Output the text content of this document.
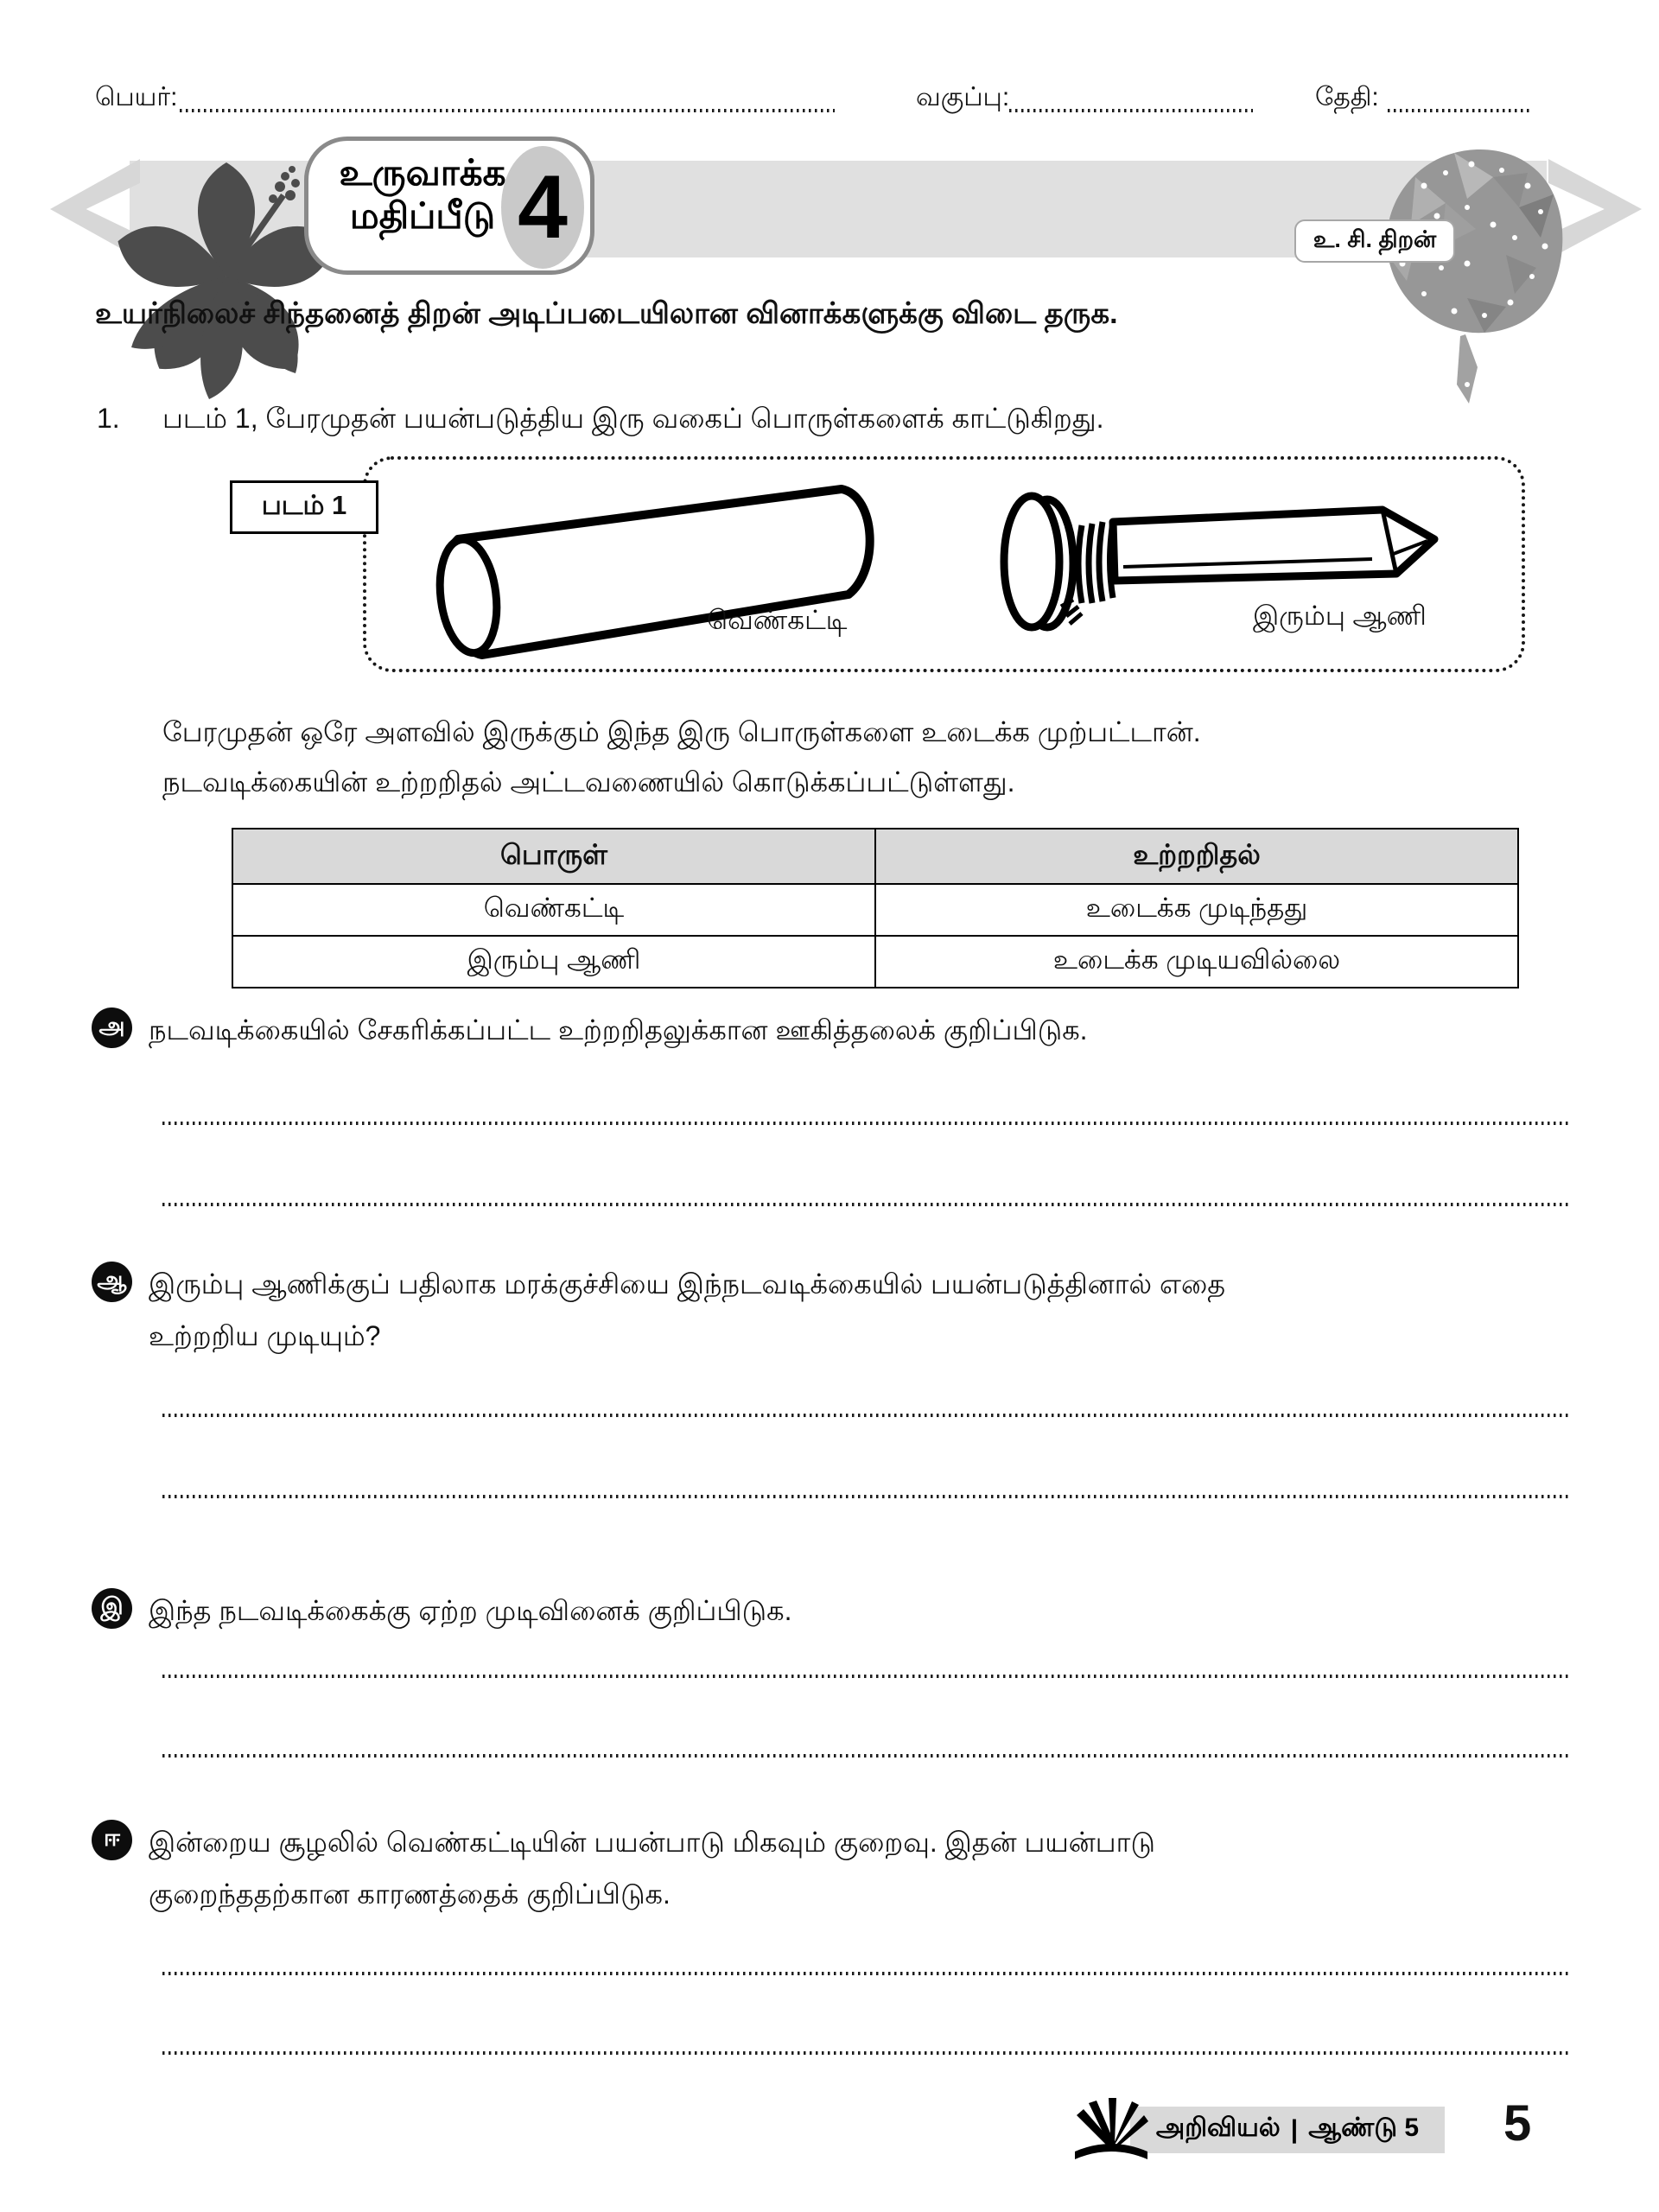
பெயர்:	வகுப்பு:	தேதி:
உருவாக்க
மதிப்பீடு 4	உ. சி. திறன்
உயர்நிலைச் சிந்தனைத் திறன் அடிப்படையிலான வினாக்களுக்கு விடை தருக.
1. படம் 1, பேரமுதன் பயன்படுத்திய இரு வகைப் பொருள்களைக் காட்டுகிறது.
படம் 1
வெண்கட்டி	இரும்பு ஆணி
பேரமுதன் ஒரே அளவில் இருக்கும் இந்த இரு பொருள்களை உடைக்க முற்பட்டான்.
நடவடிக்கையின் உற்றறிதல் அட்டவணையில் கொடுக்கப்பட்டுள்ளது.
பொருள்	உற்றறிதல்
வெண்கட்டி	உடைக்க முடிந்தது
இரும்பு ஆணி	உடைக்க முடியவில்லை
அ நடவடிக்கையில் சேகரிக்கப்பட்ட உற்றறிதலுக்கான ஊகித்தலைக் குறிப்பிடுக.
ஆ இரும்பு ஆணிக்குப் பதிலாக மரக்குச்சியை இந்நடவடிக்கையில் பயன்படுத்தினால் எதை
உற்றறிய முடியும்?
இ இந்த நடவடிக்கைக்கு ஏற்ற முடிவினைக் குறிப்பிடுக.
ஈ இன்றைய சூழலில் வெண்கட்டியின் பயன்பாடு மிகவும் குறைவு. இதன் பயன்பாடு
குறைந்ததற்கான காரணத்தைக் குறிப்பிடுக.
அறிவியல் | ஆண்டு 5 5
